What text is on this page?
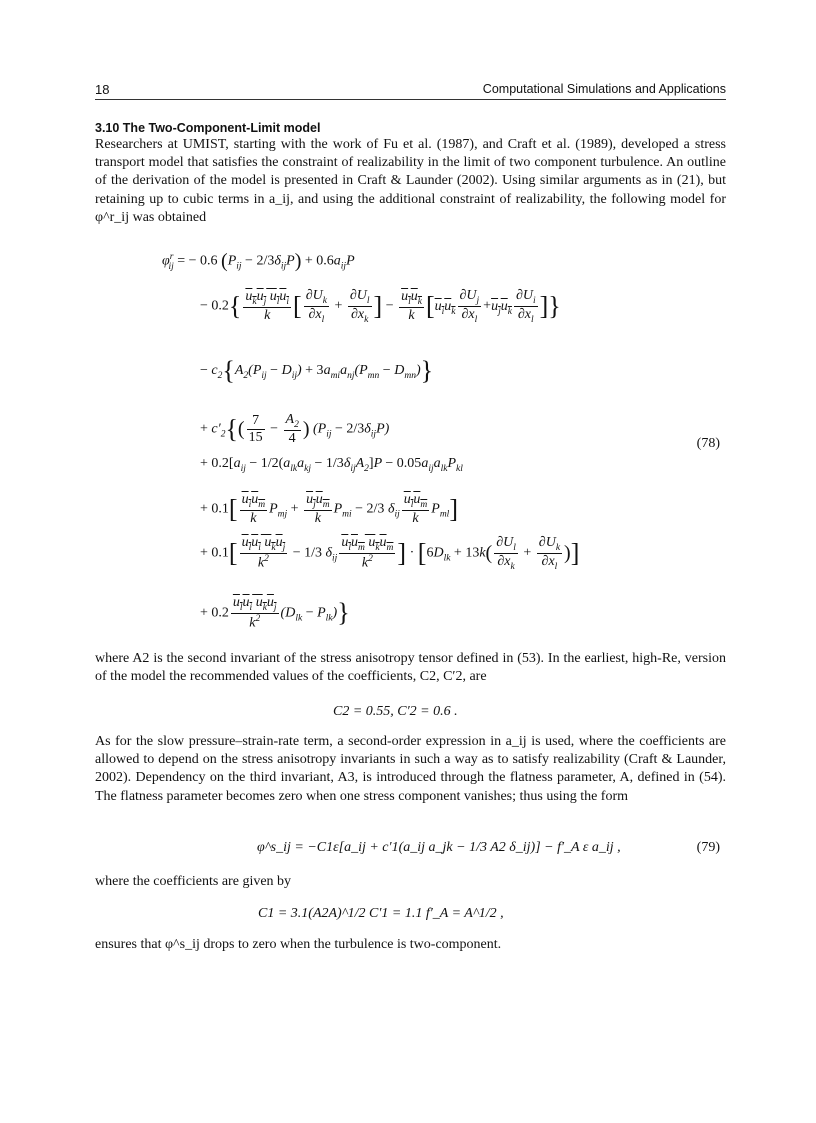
18	Computational Simulations and Applications
3.10 The Two-Component-Limit model

Researchers at UMIST, starting with the work of Fu et al. (1987), and Craft et al. (1989), developed a stress transport model that satisfies the constraint of realizability in the limit of two component turbulence. An outline of the derivation of the model is presented in Craft & Launder (2002). Using similar arguments as in (21), but retaining up to cubic terms in a_ij, and using the additional constraint of realizability, the following model for φ^r_ij was obtained

$\varphi^r_{ij}$ = − 0.6 $(P_{ij} - 2/3\delta_{ij}P) + 0.6a_{ij}P$
− $0.2\{ \frac{u_ku_j u_lu_i}{k}$ [ $\frac{\partial U_k}{\partial x_l} + \frac{\partial U_l}{\partial x_k}$ ] − $\frac{u_lu_k}{k} [u_iu_k \frac{\partial U_j}{\partial x_l} +u_ju_k \frac{\partial U_i}{\partial x_l}$ ]}
− $c_2\{A_2(P_{ij} - D_{ij}) + 3a_{mi}a_{nj}(P_{mn} - D_{mn})\}$
+ $c'_2\{( \frac{7}{15} - \frac{A_2}{4}$ ) $(P_{ij} - 2/3\delta_{ij}P)$
(78)
+ $0.2[a_{ij} - 1/2(a_{lk}a_{kj} - 1/3\delta_{ij}A_2]P - 0.05a_{ij}a_{lk}P_{kl}$
+ $0.1[ \frac{u_iu_m}{k} P_{mj} + \frac{u_ju_m}{k} P_{mi} - 2/3$ $\delta_{ij} \frac{u_lu_m}{k} P_{ml}$]
+ $0.1[ \frac{u_lu_i u_ku_j}{k^2} - 1/3$ $\delta_{ij} \frac{u_lu_m u_ku_m}{k^2}$ ] · [$6D_{lk} + 13k( \frac{\partial U_l}{\partial x_k} + \frac{\partial U_k}{\partial x_l}$ )]
+ $0.2 \frac{u_lu_i u_ku_j}{k^2} (D_{lk} - P_{lk})$}

where A2 is the second invariant of the stress anisotropy tensor defined in (53). In the earliest, high-Re, version of the model the recommended values of the coefficients, C2, C′2, are

C2 = 0.55, C′2 = 0.6 .

As for the slow pressure–strain-rate term, a second-order expression in a_ij is used, where the coefficients are allowed to depend on the stress anisotropy invariants in such a way as to satisfy realizability (Craft & Launder, 2002). Dependency on the third invariant, A3, is introduced through the flatness parameter, A, defined in (54). The flatness parameter becomes zero when one stress component vanishes; thus using the form

φ^s_ij = −C1ε[a_ij + c′1(a_ij a_jk − 1/3 A2 δ_ij)] − f′_A ε a_ij ,	(79)

where the coefficients are given by

C1 = 3.1(A2A)^1/2 C′1 = 1.1 f′_A = A^1/2 ,

ensures that φ^s_ij drops to zero when the turbulence is two-component.
